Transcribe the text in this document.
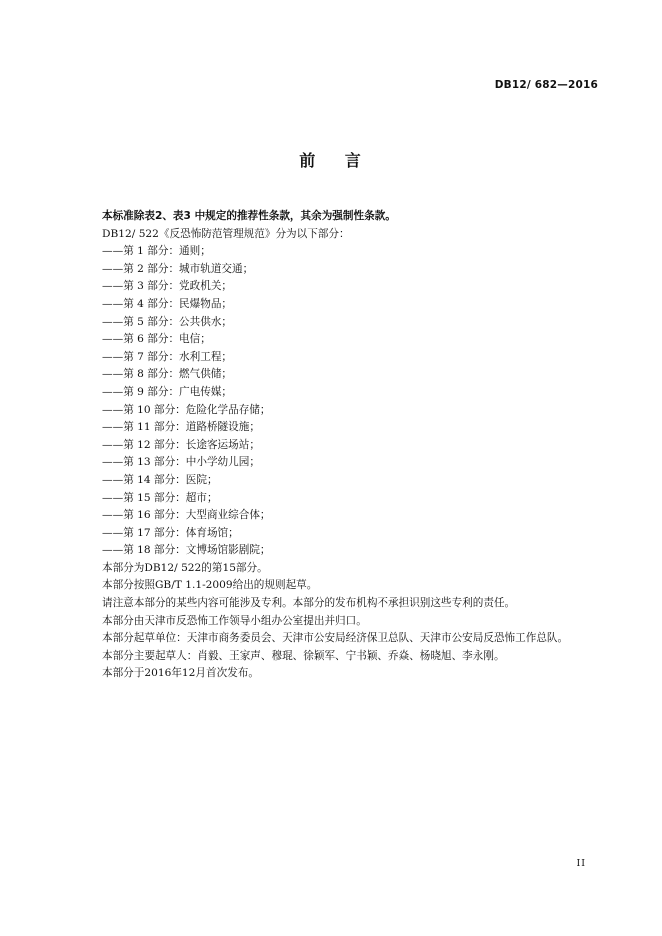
DB12/ 682—2016
前 言
本标准除表2、表3 中规定的推荐性条款，其余为强制性条款。
DB12/ 522《反恐怖防范管理规范》分为以下部分：
——第 1 部分：通则；
——第 2 部分：城市轨道交通；
——第 3 部分：党政机关；
——第 4 部分：民爆物品；
——第 5 部分：公共供水；
——第 6 部分：电信；
——第 7 部分：水利工程；
——第 8 部分：燃气供储；
——第 9 部分：广电传媒；
——第 10 部分：危险化学品存储；
——第 11 部分：道路桥隧设施；
——第 12 部分：长途客运场站；
——第 13 部分：中小学幼儿园；
——第 14 部分：医院；
——第 15 部分：超市；
——第 16 部分：大型商业综合体；
——第 17 部分：体育场馆；
——第 18 部分：文博场馆影剧院；
本部分为DB12/ 522的第15部分。
本部分按照GB/T 1.1-2009给出的规则起草。
请注意本部分的某些内容可能涉及专利。本部分的发布机构不承担识别这些专利的责任。
本部分由天津市反恐怖工作领导小组办公室提出并归口。
本部分起草单位：天津市商务委员会、天津市公安局经济保卫总队、天津市公安局反恐怖工作总队。
本部分主要起草人：肖毅、王家声、穆琨、徐颖军、宁书颖、乔焱、杨晓旭、李永刚。
本部分于2016年12月首次发布。
II
